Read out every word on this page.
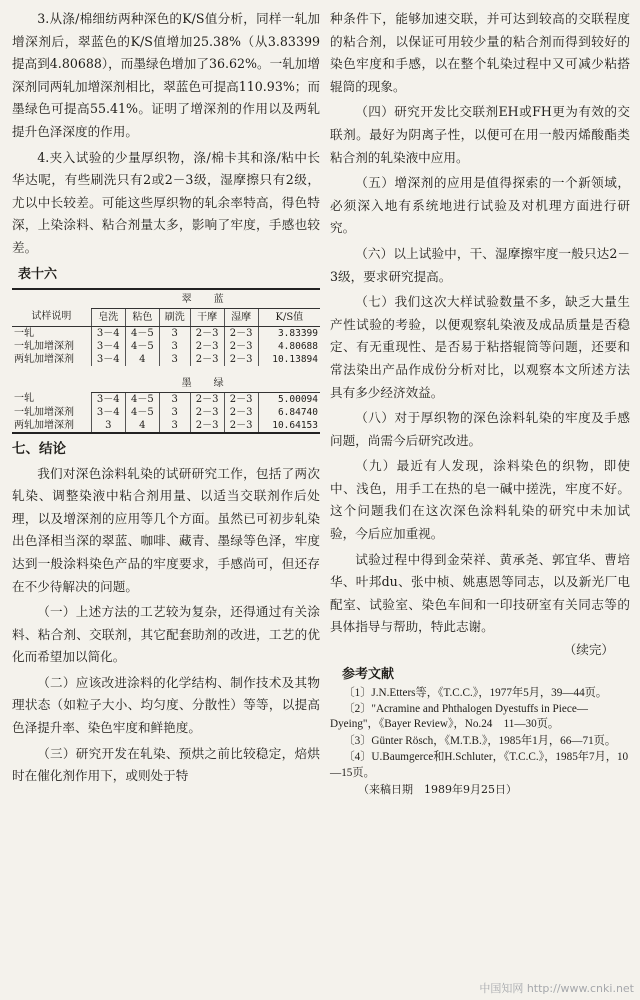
3.从涤/棉细纺两种深色的K/S值分析，同样一轧加增深剂后，翠蓝色的K/S值增加25.38%（从3.83399提高到4.80688），而墨绿色增加了36.62%。一轧加增深剂同两轧加增深剂相比，翠蓝色可提高110.93%；而墨绿色可提高55.41%。证明了增深剂的作用以及两轧提升色泽深度的作用。

4.夹入试验的少量厚织物，涤/棉卡其和涤/粘中长华达呢，有些刷洗只有2或2－3级，湿摩擦只有2级，尤以中长较差。可能这些厚织物的轧余率特高，得色特深，上染涂料、粘合剂量太多，影响了牢度，手感也较差。

表十六

	翠　蓝					
试样说明	皂洗	粘色	刷洗	干摩	湿摩	K/S值
一轧	3－4	4－5	3	2－3	2－3	3.83399
一轧加增深剂	3－4	4－5	3	2－3	2－3	4.80688
两轧加增深剂	3－4	4	3	2－3	2－3	10.13894

	墨　绿					
一轧	3－4	4－5	3	2－3	2－3	5.00094
一轧加增深剂	3－4	4－5	3	2－3	2－3	6.84740
两轧加增深剂	3	4	3	2－3	2－3	10.64153

七、结论

我们对深色涂料轧染的试研研究工作，包括了两次轧染、调整染液中粘合剂用量、以适当交联剂作后处理，以及增深剂的应用等几个方面。虽然已可初步轧染出色泽相当深的翠蓝、咖啡、藏青、墨绿等色泽，牢度达到一般涂料染色产品的牢度要求，手感尚可，但还存在不少待解决的问题。

（一）上述方法的工艺较为复杂，还得通过有关涂料、粘合剂、交联剂，其它配套助剂的改进，工艺的优化而希望加以简化。

（二）应该改进涂料的化学结构、制作技术及其物理状态（如粒子大小、均匀度、分散性）等等，以提高色泽提升率、染色牢度和鲜艳度。

（三）研究开发在轧染、预烘之前比较稳定，焙烘时在催化剂作用下，或则处于特

种条件下，能够加速交联，并可达到较高的交联程度的粘合剂，以保证可用较少量的粘合剂而得到较好的染色牢度和手感，以在整个轧染过程中又可减少粘搭辊筒的现象。

（四）研究开发比交联剂EH或FH更为有效的交联剂。最好为阴离子性，以便可在用一般丙烯酸酯类粘合剂的轧染液中应用。

（五）增深剂的应用是值得探索的一个新领域，必须深入地有系统地进行试验及对机理方面进行研究。

（六）以上试验中，干、湿摩擦牢度一般只达2－3级，要求研究提高。

（七）我们这次大样试验数量不多，缺乏大量生产性试验的考验，以便观察轧染液及成品质量是否稳定、有无重现性、是否易于粘搭辊筒等问题，还要和常法染出产品作成份分析对比，以观察本文所述方法具有多少经济效益。

（八）对于厚织物的深色涂料轧染的牢度及手感问题，尚需今后研究改进。

（九）最近有人发现，涂料染色的织物，即使中、浅色，用手工在热的皂一碱中搓洗，牢度不好。这个问题我们在这次深色涂料轧染的研究中未加试验，今后应加重视。

试验过程中得到金荣祥、黄承尧、郭宜华、曹培华、叶邦du、张中桢、姚惠恩等同志，以及新光厂电配室、试验室、染色车间和一印技研室有关同志等的具体指导与帮助，特此志谢。

（续完）
参考文献

〔1〕J.N.Etters等，《T.C.C.》，1977年5月，39—44页。

〔2〕"Acramine and Phthalogen Dyestuffs in Piece—Dyeing"，《Bayer Review》，No.24　11—30页。

〔3〕Günter Rösch，《M.T.B.》，1985年1月，66—71页。

〔4〕U.Baumgerce和H.Schluter，《T.C.C.》，1985年7月，10—15页。

（来稿日期　1989年9月25日）
中国知网 http://www.cnki.net
